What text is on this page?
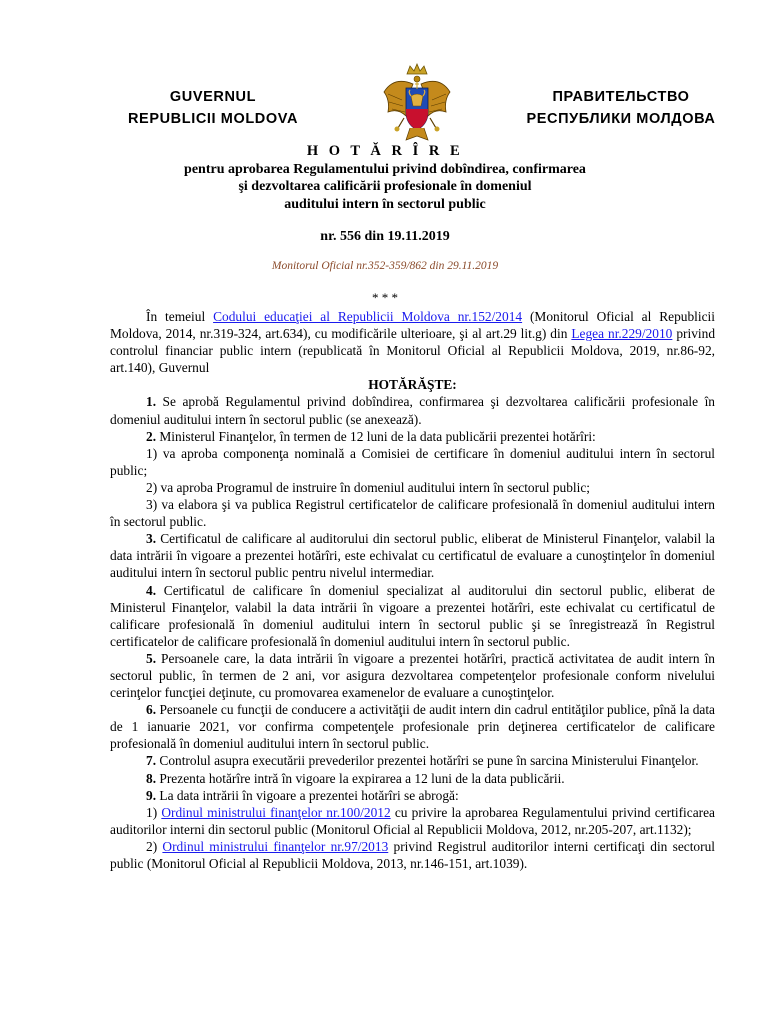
GUVERNUL
REPUBLICII MOLDOVA
ПРАВИТЕЛЬСТВО
РЕСПУБЛИКИ МОЛДОВА
H O T Ă R Î R E
pentru aprobarea Regulamentului privind dobîndirea, confirmarea
şi dezvoltarea calificării profesionale în domeniul
auditului intern în sectorul public
nr. 556 din 19.11.2019
Monitorul Oficial nr.352-359/862 din 29.11.2019
* * *

În temeiul Codului educaţiei al Republicii Moldova nr.152/2014 (Monitorul Oficial al Republicii Moldova, 2014, nr.319-324, art.634), cu modificările ulterioare, şi al art.29 lit.g) din Legea nr.229/2010 privind controlul financiar public intern (republicată în Monitorul Oficial al Republicii Moldova, 2019, nr.86-92, art.140), Guvernul

HOTĂRĂŞTE:

1. Se aprobă Regulamentul privind dobîndirea, confirmarea şi dezvoltarea calificării profesionale în domeniul auditului intern în sectorul public (se anexează).

2. Ministerul Finanţelor, în termen de 12 luni de la data publicării prezentei hotărîri:

1) va aproba componenţa nominală a Comisiei de certificare în domeniul auditului intern în sectorul public;

2) va aproba Programul de instruire în domeniul auditului intern în sectorul public;

3) va elabora şi va publica Registrul certificatelor de calificare profesională în domeniul auditului intern în sectorul public.

3. Certificatul de calificare al auditorului din sectorul public, eliberat de Ministerul Finanţelor, valabil la data intrării în vigoare a prezentei hotărîri, este echivalat cu certificatul de evaluare a cunoştinţelor în domeniul auditului intern în sectorul public pentru nivelul intermediar.

4. Certificatul de calificare în domeniul specializat al auditorului din sectorul public, eliberat de Ministerul Finanţelor, valabil la data intrării în vigoare a prezentei hotărîri, este echivalat cu certificatul de calificare profesională în domeniul auditului intern în sectorul public şi se înregistrează în Registrul certificatelor de calificare profesională în domeniul auditului intern în sectorul public.

5. Persoanele care, la data intrării în vigoare a prezentei hotărîri, practică activitatea de audit intern în sectorul public, în termen de 2 ani, vor asigura dezvoltarea competenţelor profesionale conform nivelului cerinţelor funcţiei deţinute, cu promovarea examenelor de evaluare a cunoştinţelor.

6. Persoanele cu funcţii de conducere a activităţii de audit intern din cadrul entităţilor publice, pînă la data de 1 ianuarie 2021, vor confirma competenţele profesionale prin deţinerea certificatelor de calificare profesională în domeniul auditului intern în sectorul public.

7. Controlul asupra executării prevederilor prezentei hotărîri se pune în sarcina Ministerului Finanţelor.

8. Prezenta hotărîre intră în vigoare la expirarea a 12 luni de la data publicării.

9. La data intrării în vigoare a prezentei hotărîri se abrogă:

1) Ordinul ministrului finanţelor nr.100/2012 cu privire la aprobarea Regulamentului privind certificarea auditorilor interni din sectorul public (Monitorul Oficial al Republicii Moldova, 2012, nr.205-207, art.1132);

2) Ordinul ministrului finanţelor nr.97/2013 privind Registrul auditorilor interni certificaţi din sectorul public (Monitorul Oficial al Republicii Moldova, 2013, nr.146-151, art.1039).
